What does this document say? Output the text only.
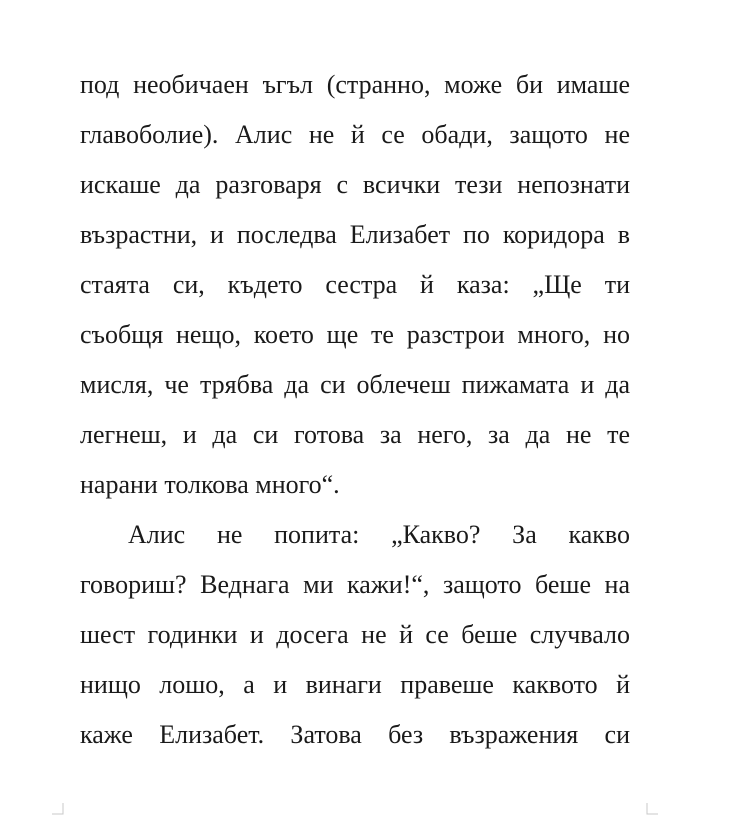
под необичаен ъгъл (странно, може би имаше
главоболие). Алис не й се обади, защото не
искаше да разговаря с всички тези непознати
възрастни, и последва Елизабет по коридора в
стаята си, където сестра й каза: „Ще ти
съобщя нещо, което ще те разстрои много, но
мисля, че трябва да си облечеш пижамата и да
легнеш, и да си готова за него, за да не те
нарани толкова много“.
Алис не попита: „Какво? За какво
говориш? Веднага ми кажи!“, защото беше на
шест годинки и досега не й се беше случвало
нищо лошо, а и винаги правеше каквото й
каже Елизабет. Затова без възражения си
